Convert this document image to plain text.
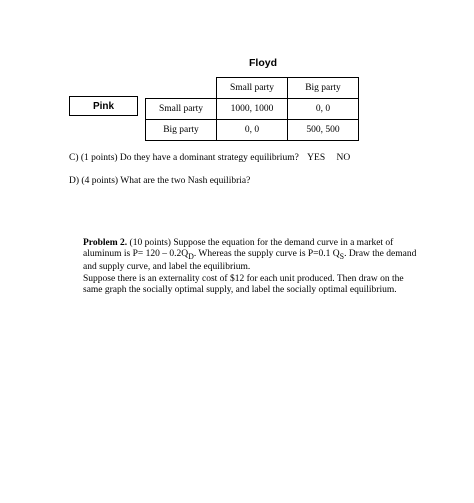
Floyd
Pink
	Small party	Big party
Small party	1000, 1000	0, 0
Big party	0, 0	500, 500
C) (1 points) Do they have a dominant strategy equilibrium? YES NO
D) (4 points) What are the two Nash equilibria?

Problem 2. (10 points) Suppose the equation for the demand curve in a market of aluminum is $P= 120 - 0.2Q_D$. Whereas the supply curve is P=0.1 $Q_S$. Draw the demand and supply curve, and label the equilibrium.

Suppose there is an externality cost of $12 for each unit produced. Then draw on the same graph the socially optimal supply, and label the socially optimal equilibrium.
